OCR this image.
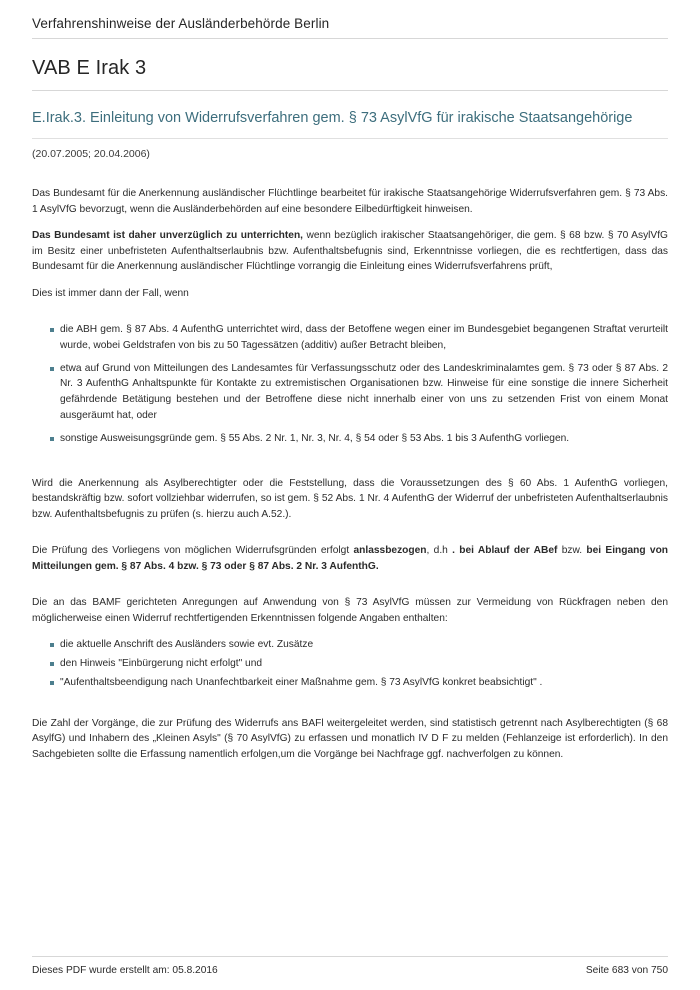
Verfahrenshinweise der Ausländerbehörde Berlin
VAB E Irak 3
E.Irak.3. Einleitung von Widerrufsverfahren gem. § 73 AsylVfG für irakische Staatsangehörige
(20.07.2005; 20.04.2006)

Das Bundesamt für die Anerkennung ausländischer Flüchtlinge bearbeitet für irakische Staatsangehörige Widerrufsverfahren gem. § 73 Abs. 1 AsylVfG bevorzugt, wenn die Ausländerbehörden auf eine besondere Eilbedürftigkeit hinweisen.

Das Bundesamt ist daher unverzüglich zu unterrichten, wenn bezüglich irakischer Staatsangehöriger, die gem. § 68 bzw. § 70 AsylVfG im Besitz einer unbefristeten Aufenthaltserlaubnis bzw. Aufenthaltsbefugnis sind, Erkenntnisse vorliegen, die es rechtfertigen, dass das Bundesamt für die Anerkennung ausländischer Flüchtlinge vorrangig die Einleitung eines Widerrufsverfahrens prüft,

Dies ist immer dann der Fall, wenn

die ABH gem. § 87 Abs. 4 AufenthG unterrichtet wird, dass der Betoffene wegen einer im Bundesgebiet begangenen Straftat verurteilt wurde, wobei Geldstrafen von bis zu 50 Tagessätzen (additiv) außer Betracht bleiben,
etwa auf Grund von Mitteilungen des Landesamtes für Verfassungsschutz oder des Landeskriminalamtes gem. § 73 oder § 87 Abs. 2 Nr. 3 AufenthG Anhaltspunkte für Kontakte zu extremistischen Organisationen bzw. Hinweise für eine sonstige die innere Sicherheit gefährdende Betätigung bestehen und der Betroffene diese nicht innerhalb einer von uns zu setzenden Frist von einem Monat ausgeräumt hat, oder
sonstige Ausweisungsgründe gem. § 55 Abs. 2 Nr. 1, Nr. 3, Nr. 4, § 54 oder § 53 Abs. 1 bis 3 AufenthG vorliegen.

Wird die Anerkennung als Asylberechtigter oder die Feststellung, dass die Voraussetzungen des § 60 Abs. 1 AufenthG vorliegen, bestandskräftig bzw. sofort vollziehbar widerrufen, so ist gem. § 52 Abs. 1 Nr. 4 AufenthG der Widerruf der unbefristeten Aufenthaltserlaubnis bzw. Aufenthaltsbefugnis zu prüfen (s. hierzu auch A.52.).

Die Prüfung des Vorliegens von möglichen Widerrufsgründen erfolgt anlassbezogen, d.h . bei Ablauf der ABef bzw. bei Eingang von Mitteilungen gem. § 87 Abs. 4 bzw. § 73 oder § 87 Abs. 2 Nr. 3 AufenthG.

Die an das BAMF gerichteten Anregungen auf Anwendung von § 73 AsylVfG müssen zur Vermeidung von Rückfragen neben den möglicherweise einen Widerruf rechtfertigenden Erkenntnissen folgende Angaben enthalten:

die aktuelle Anschrift des Ausländers sowie evt. Zusätze
den Hinweis "Einbürgerung nicht erfolgt" und
"Aufenthaltsbeendigung nach Unanfechtbarkeit einer Maßnahme gem. § 73 AsylVfG konkret beabsichtigt" .

Die Zahl der Vorgänge, die zur Prüfung des Widerrufs ans BAFl weitergeleitet werden, sind statistisch getrennt nach Asylberechtigten (§ 68 AsylfG) und Inhabern des „Kleinen Asyls" (§ 70 AsylVfG) zu erfassen und monatlich IV D F zu melden (Fehlanzeige ist erforderlich). In den Sachgebieten sollte die Erfassung namentlich erfolgen,um die Vorgänge bei Nachfrage ggf. nachverfolgen zu können.

Dieses PDF wurde erstellt am: 05.8.2016	Seite 683 von 750
